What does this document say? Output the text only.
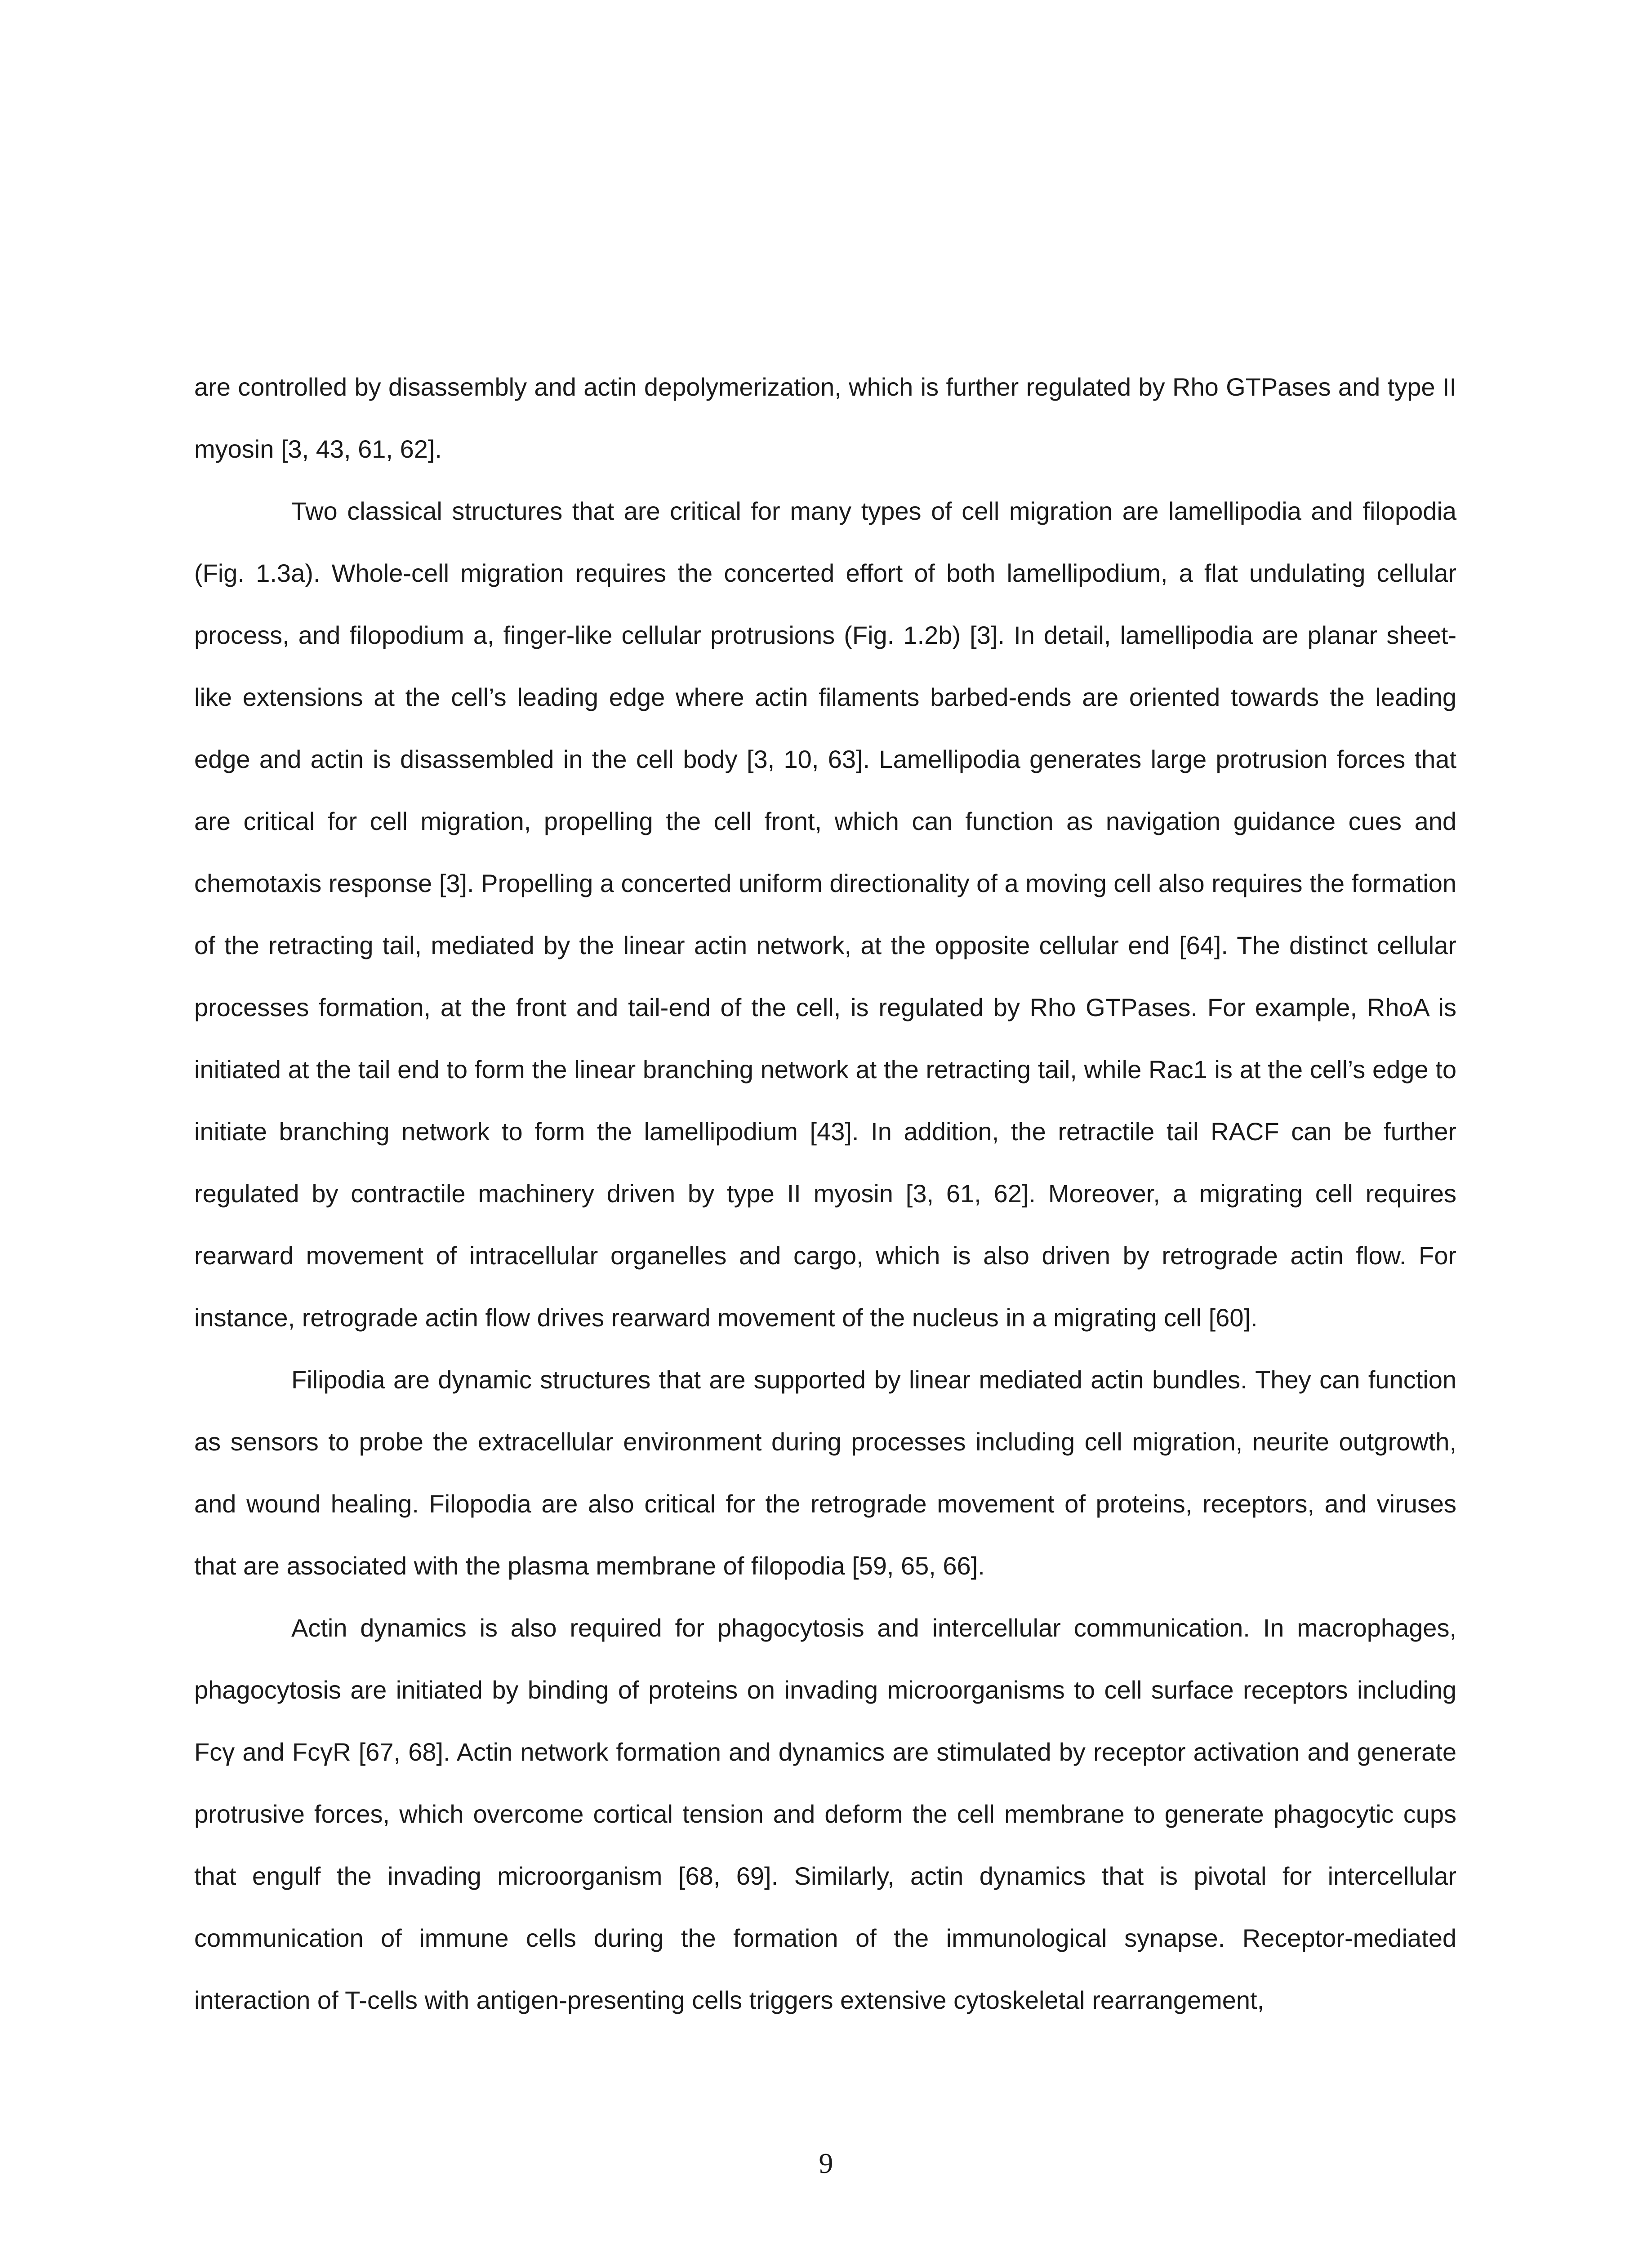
are controlled by disassembly and actin depolymerization, which is further regulated by Rho GTPases and type II myosin [3, 43, 61, 62].

Two classical structures that are critical for many types of cell migration are lamellipodia and filopodia (Fig. 1.3a). Whole-cell migration requires the concerted effort of both lamellipodium, a flat undulating cellular process, and filopodium a, finger-like cellular protrusions (Fig. 1.2b) [3]. In detail, lamellipodia are planar sheet-like extensions at the cell’s leading edge where actin filaments barbed-ends are oriented towards the leading edge and actin is disassembled in the cell body [3, 10, 63]. Lamellipodia generates large protrusion forces that are critical for cell migration, propelling the cell front, which can function as navigation guidance cues and chemotaxis response [3]. Propelling a concerted uniform directionality of a moving cell also requires the formation of the retracting tail, mediated by the linear actin network, at the opposite cellular end [64]. The distinct cellular processes formation, at the front and tail-end of the cell, is regulated by Rho GTPases. For example, RhoA is initiated at the tail end to form the linear branching network at the retracting tail, while Rac1 is at the cell’s edge to initiate branching network to form the lamellipodium [43]. In addition, the retractile tail RACF can be further regulated by contractile machinery driven by type II myosin [3, 61, 62]. Moreover, a migrating cell requires rearward movement of intracellular organelles and cargo, which is also driven by retrograde actin flow. For instance, retrograde actin flow drives rearward movement of the nucleus in a migrating cell [60].

Filipodia are dynamic structures that are supported by linear mediated actin bundles. They can function as sensors to probe the extracellular environment during processes including cell migration, neurite outgrowth, and wound healing. Filopodia are also critical for the retrograde movement of proteins, receptors, and viruses that are associated with the plasma membrane of filopodia [59, 65, 66].

Actin dynamics is also required for phagocytosis and intercellular communication. In macrophages, phagocytosis are initiated by binding of proteins on invading microorganisms to cell surface receptors including Fcγ and FcγR [67, 68]. Actin network formation and dynamics are stimulated by receptor activation and generate protrusive forces, which overcome cortical tension and deform the cell membrane to generate phagocytic cups that engulf the invading microorganism [68, 69]. Similarly, actin dynamics that is pivotal for intercellular communication of immune cells during the formation of the immunological synapse. Receptor-mediated interaction of T-cells with antigen-presenting cells triggers extensive cytoskeletal rearrangement,

9
